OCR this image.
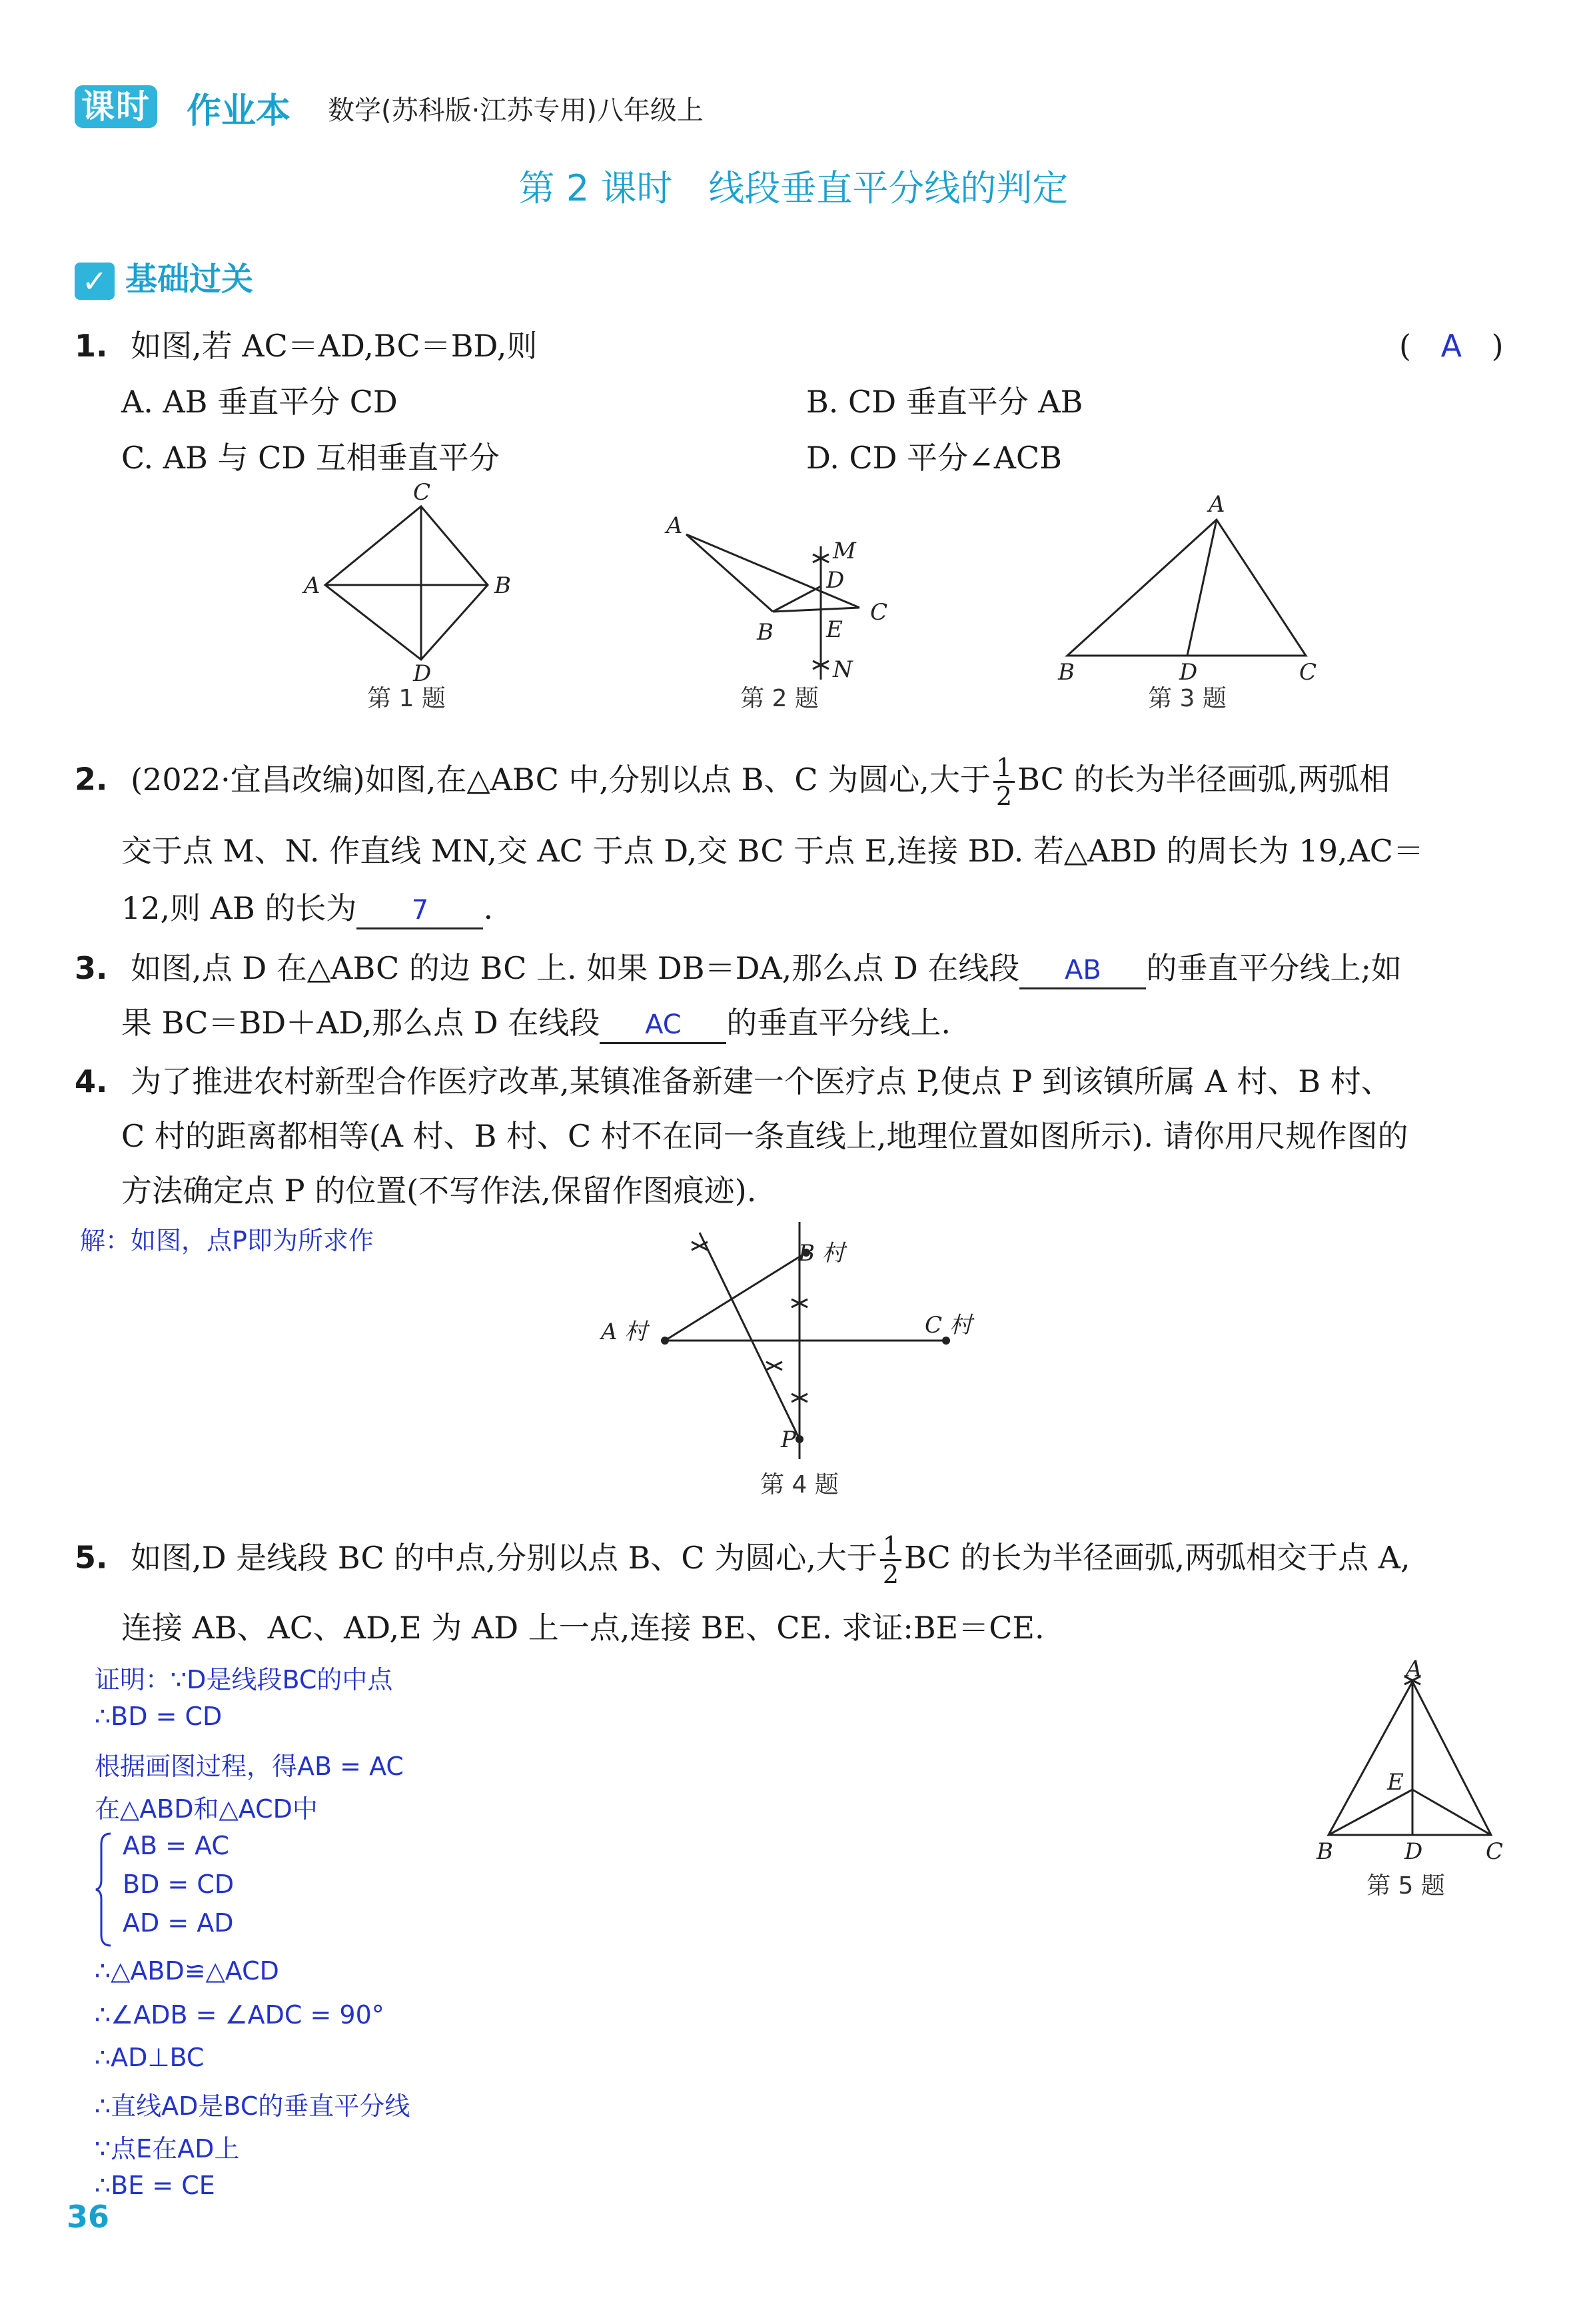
课时 作业本 数学(苏科版·江苏专用)八年级上
第 2 课时　线段垂直平分线的判定
✓ 基础过关
1. 如图,若 AC＝AD,BC＝BD,则	( A )
A. AB 垂直平分 CD	B. CD 垂直平分 AB
C. AB 与 CD 互相垂直平分	D. CD 平分∠ACB
C
A	B
D
第 1 题
A
M
D
C
B E
N
第 2 题
A
B	D	C
第 3 题
2. (2022·宜昌改编)如图,在△ABC 中,分别以点 B、C 为圆心,大于 $\frac{1}{2}$ BC 的长为半径画弧,两弧相
交于点 M、N. 作直线 MN,交 AC 于点 D,交 BC 于点 E,连接 BD. 若△ABD 的周长为 19,AC＝
12,则 AB 的长为 7 .
3. 如图,点 D 在△ABC 的边 BC 上. 如果 DB＝DA,那么点 D 在线段 AB 的垂直平分线上;如
果 BC＝BD＋AD,那么点 D 在线段 AC 的垂直平分线上.
4. 为了推进农村新型合作医疗改革,某镇准备新建一个医疗点 P,使点 P 到该镇所属 A 村、B 村、
C 村的距离都相等(A 村、B 村、C 村不在同一条直线上,地理位置如图所示). 请你用尺规作图的
方法确定点 P 的位置(不写作法,保留作图痕迹).
解：如图，点P即为所求作	B 村
A 村	C 村
P
第 4 题
5. 如图,D 是线段 BC 的中点,分别以点 B、C 为圆心,大于 $\frac{1}{2}$ BC 的长为半径画弧,两弧相交于点 A,
连接 AB、AC、AD,E 为 AD 上一点,连接 BE、CE. 求证:BE＝CE.
证明：∵D是线段BC的中点
∴BD = CD
根据画图过程，得AB = AC
在△ABD和△ACD中
AB = AC
BD = CD
AD = AD
∴△ABD≌△ACD
∴∠ADB = ∠ADC = 90°
∴AD⊥BC
∴直线AD是BC的垂直平分线
∵点E在AD上
∴BE = CE
A
E
B	D	C
第 5 题
36
